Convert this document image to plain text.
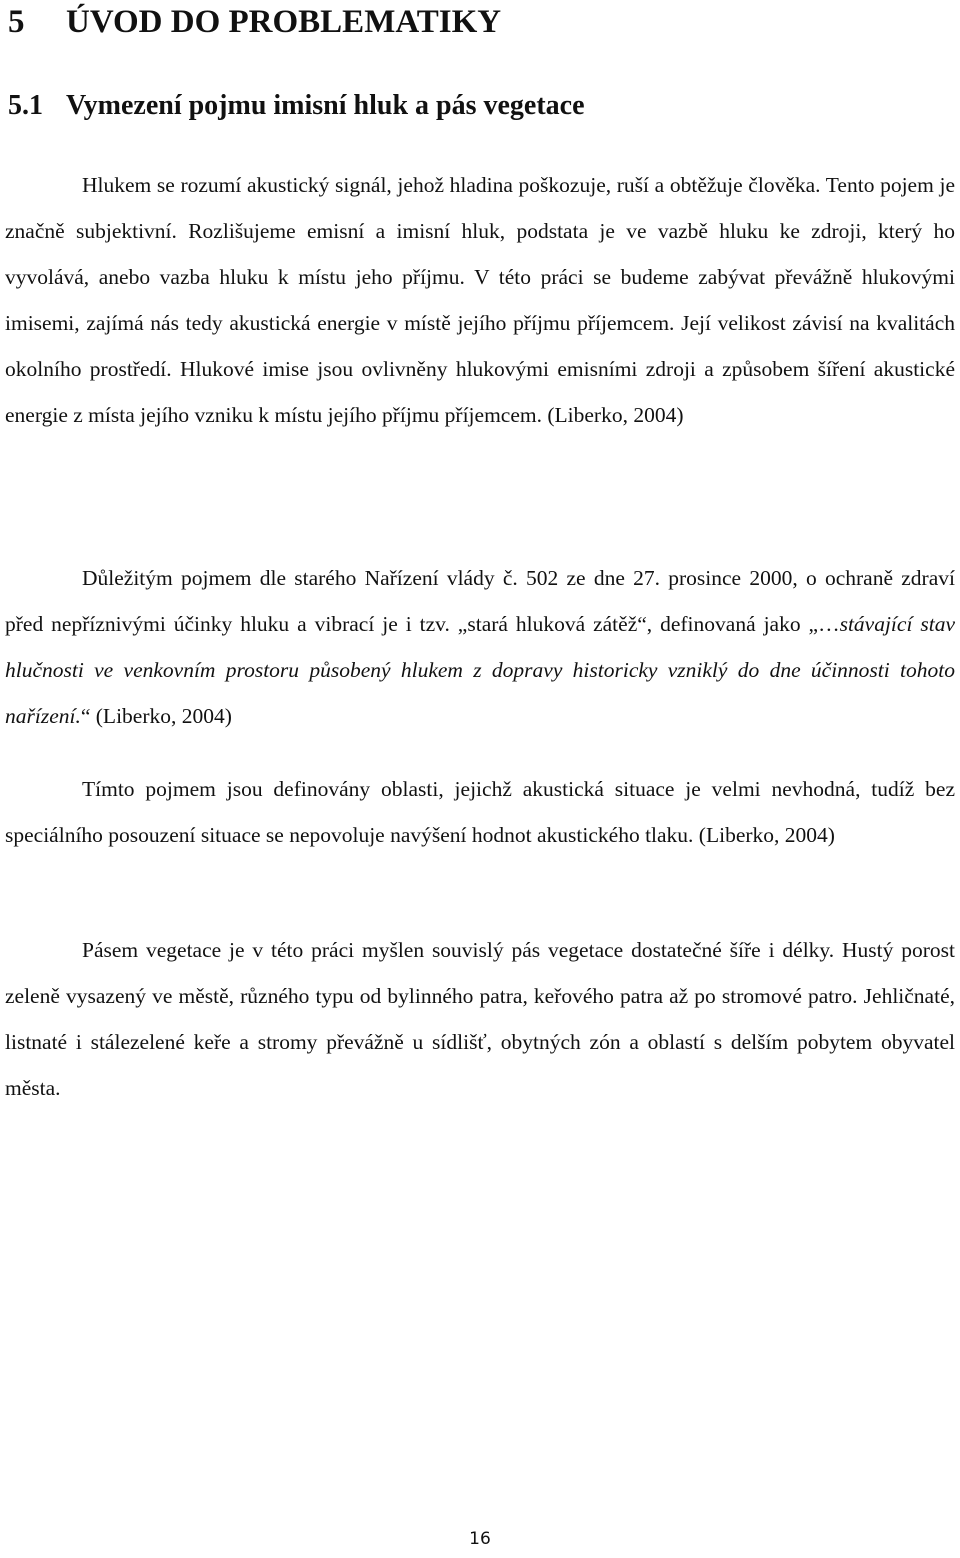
5 ÚVOD DO PROBLEMATIKY
5.1 Vymezení pojmu imisní hluk a pás vegetace

Hlukem se rozumí akustický signál, jehož hladina poškozuje, ruší a obtěžuje člověka. Tento pojem je značně subjektivní. Rozlišujeme emisní a imisní hluk, podstata je ve vazbě hluku ke zdroji, který ho vyvolává, anebo vazba hluku k místu jeho příjmu. V této práci se budeme zabývat převážně hlukovými imisemi, zajímá nás tedy akustická energie v místě jejího příjmu příjemcem. Její velikost závisí na kvalitách okolního prostředí. Hlukové imise jsou ovlivněny hlukovými emisními zdroji a způsobem šíření akustické energie z místa jejího vzniku k místu jejího příjmu příjemcem. (Liberko, 2004)

Důležitým pojmem dle starého Nařízení vlády č. 502 ze dne 27. prosince 2000, o ochraně zdraví před nepříznivými účinky hluku a vibrací je i tzv. „stará hluková zátěž“, definovaná jako „…stávající stav hlučnosti ve venkovním prostoru působený hlukem z dopravy historicky vzniklý do dne účinnosti tohoto nařízení.“ (Liberko, 2004)

Tímto pojmem jsou definovány oblasti, jejichž akustická situace je velmi nevhodná, tudíž bez speciálního posouzení situace se nepovoluje navýšení hodnot akustického tlaku. (Liberko, 2004)

Pásem vegetace je v této práci myšlen souvislý pás vegetace dostatečné šíře i délky. Hustý porost zeleně vysazený ve městě, různého typu od bylinného patra, keřového patra až po stromové patro. Jehličnaté, listnaté i stálezelené keře a stromy převážně u sídlišť, obytných zón a oblastí s delším pobytem obyvatel města.

16
